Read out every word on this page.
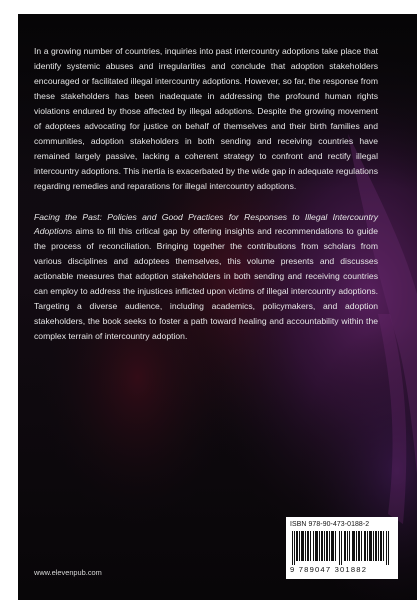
In a growing number of countries, inquiries into past intercountry adoptions take place that identify systemic abuses and irregularities and conclude that adoption stakeholders encouraged or facilitated illegal intercountry adoptions. However, so far, the response from these stakeholders has been inadequate in addressing the profound human rights violations endured by those affected by illegal adoptions. Despite the growing movement of adoptees advocating for justice on behalf of themselves and their birth families and communities, adoption stakeholders in both sending and receiving countries have remained largely passive, lacking a coherent strategy to confront and rectify illegal intercountry adoptions. This inertia is exacerbated by the wide gap in adequate regulations regarding remedies and reparations for illegal intercountry adoptions.

Facing the Past: Policies and Good Practices for Responses to Illegal Intercountry Adoptions aims to fill this critical gap by offering insights and recommendations to guide the process of reconciliation. Bringing together the contributions from scholars from various disciplines and adoptees themselves, this volume presents and discusses actionable measures that adoption stakeholders in both sending and receiving countries can employ to address the injustices inflicted upon victims of illegal intercountry adoptions. Targeting a diverse audience, including academics, policymakers, and adoption stakeholders, the book seeks to foster a path toward healing and accountability within the complex terrain of intercountry adoption.

www.elevenpub.com
ISBN 978-90-473-0188-2
9 789047 301882
